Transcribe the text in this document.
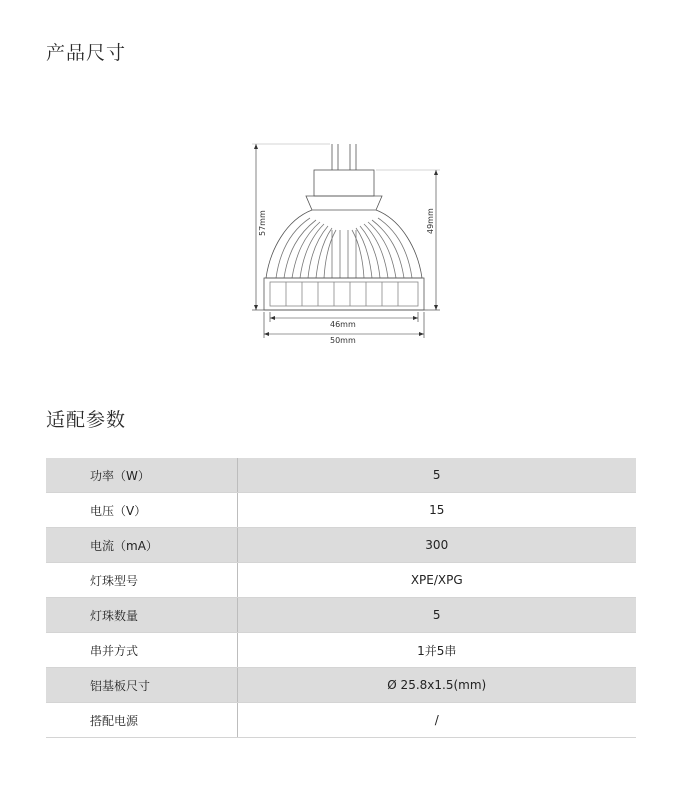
产品尺寸
57mm	49mm
46mm
50mm
适配参数
功率（W）	5
电压（V）	15
电流（mA）	300
灯珠型号	XPE/XPG
灯珠数量	5
串并方式	1并5串
铝基板尺寸	Ø 25.8x1.5(mm)
搭配电源	/
